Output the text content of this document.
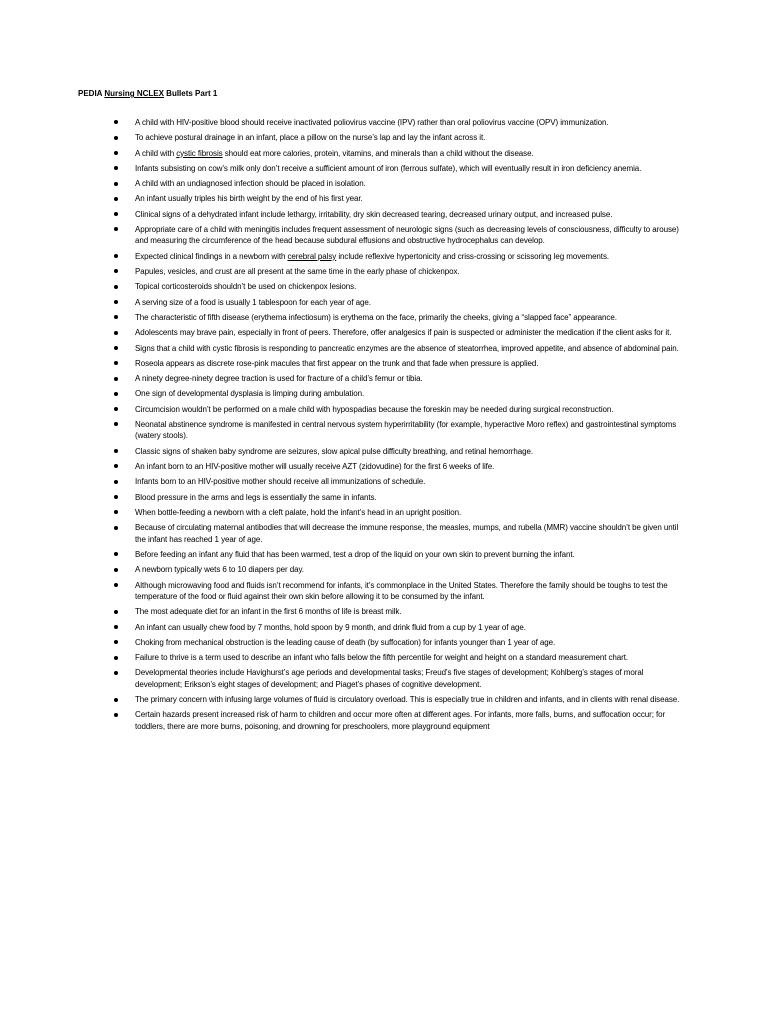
PEDIA Nursing NCLEX Bullets Part 1
A child with HIV-positive blood should receive inactivated poliovirus vaccine (IPV) rather than oral poliovirus vaccine (OPV) immunization.
To achieve postural drainage in an infant, place a pillow on the nurse’s lap and lay the infant across it.
A child with cystic fibrosis should eat more calories, protein, vitamins, and minerals than a child without the disease.
Infants subsisting on cow’s milk only don’t receive a sufficient amount of iron (ferrous sulfate), which will eventually result in iron deficiency anemia.
A child with an undiagnosed infection should be placed in isolation.
An infant usually triples his birth weight by the end of his first year.
Clinical signs of a dehydrated infant include lethargy, irritability, dry skin decreased tearing, decreased urinary output, and increased pulse.
Appropriate care of a child with meningitis includes frequent assessment of neurologic signs (such as decreasing levels of consciousness, difficulty to arouse) and measuring the circumference of the head because subdural effusions and obstructive hydrocephalus can develop.
Expected clinical findings in a newborn with cerebral palsy include reflexive hypertonicity and criss-crossing or scissoring leg movements.
Papules, vesicles, and crust are all present at the same time in the early phase of chickenpox.
Topical corticosteroids shouldn’t be used on chickenpox lesions.
A serving size of a food is usually 1 tablespoon for each year of age.
The characteristic of fifth disease (erythema infectiosum) is erythema on the face, primarily the cheeks, giving a “slapped face” appearance.
Adolescents may brave pain, especially in front of peers. Therefore, offer analgesics if pain is suspected or administer the medication if the client asks for it.
Signs that a child with cystic fibrosis is responding to pancreatic enzymes are the absence of steatorrhea, improved appetite, and absence of abdominal pain.
Roseola appears as discrete rose-pink macules that first appear on the trunk and that fade when pressure is applied.
A ninety degree-ninety degree traction is used for fracture of a child’s femur or tibia.
One sign of developmental dysplasia is limping during ambulation.
Circumcision wouldn’t be performed on a male child with hypospadias because the foreskin may be needed during surgical reconstruction.
Neonatal abstinence syndrome is manifested in central nervous system hyperirritability (for example, hyperactive Moro reflex) and gastrointestinal symptoms (watery stools).
Classic signs of shaken baby syndrome are seizures, slow apical pulse difficulty breathing, and retinal hemorrhage.
An infant born to an HIV-positive mother will usually receive AZT (zidovudine) for the first 6 weeks of life.
Infants born to an HIV-positive mother should receive all immunizations of schedule.
Blood pressure in the arms and legs is essentially the same in infants.
When bottle-feeding a newborn with a cleft palate, hold the infant’s head in an upright position.
Because of circulating maternal antibodies that will decrease the immune response, the measles, mumps, and rubella (MMR) vaccine shouldn’t be given until the infant has reached 1 year of age.
Before feeding an infant any fluid that has been warmed, test a drop of the liquid on your own skin to prevent burning the infant.
A newborn typically wets 6 to 10 diapers per day.
Although microwaving food and fluids isn’t recommend for infants, it’s commonplace in the United States. Therefore the family should be toughs to test the temperature of the food or fluid against their own skin before allowing it to be consumed by the infant.
The most adequate diet for an infant in the first 6 months of life is breast milk.
An infant can usually chew food by 7 months, hold spoon by 9 month, and drink fluid from a cup by 1 year of age.
Choking from mechanical obstruction is the leading cause of death (by suffocation) for infants younger than 1 year of age.
Failure to thrive is a term used to describe an infant who falls below the fifth percentile for weight and height on a standard measurement chart.
Developmental theories include Havighurst’s age periods and developmental tasks; Freud’s five stages of development; Kohlberg’s stages of moral development; Erikson’s eight stages of development; and Piaget’s phases of cognitive development.
The primary concern with infusing large volumes of fluid is circulatory overload. This is especially true in children and infants, and in clients with renal disease.
Certain hazards present increased risk of harm to children and occur more often at different ages. For infants, more falls, burns, and suffocation occur; for toddlers, there are more burns, poisoning, and drowning for preschoolers, more playground equipment
